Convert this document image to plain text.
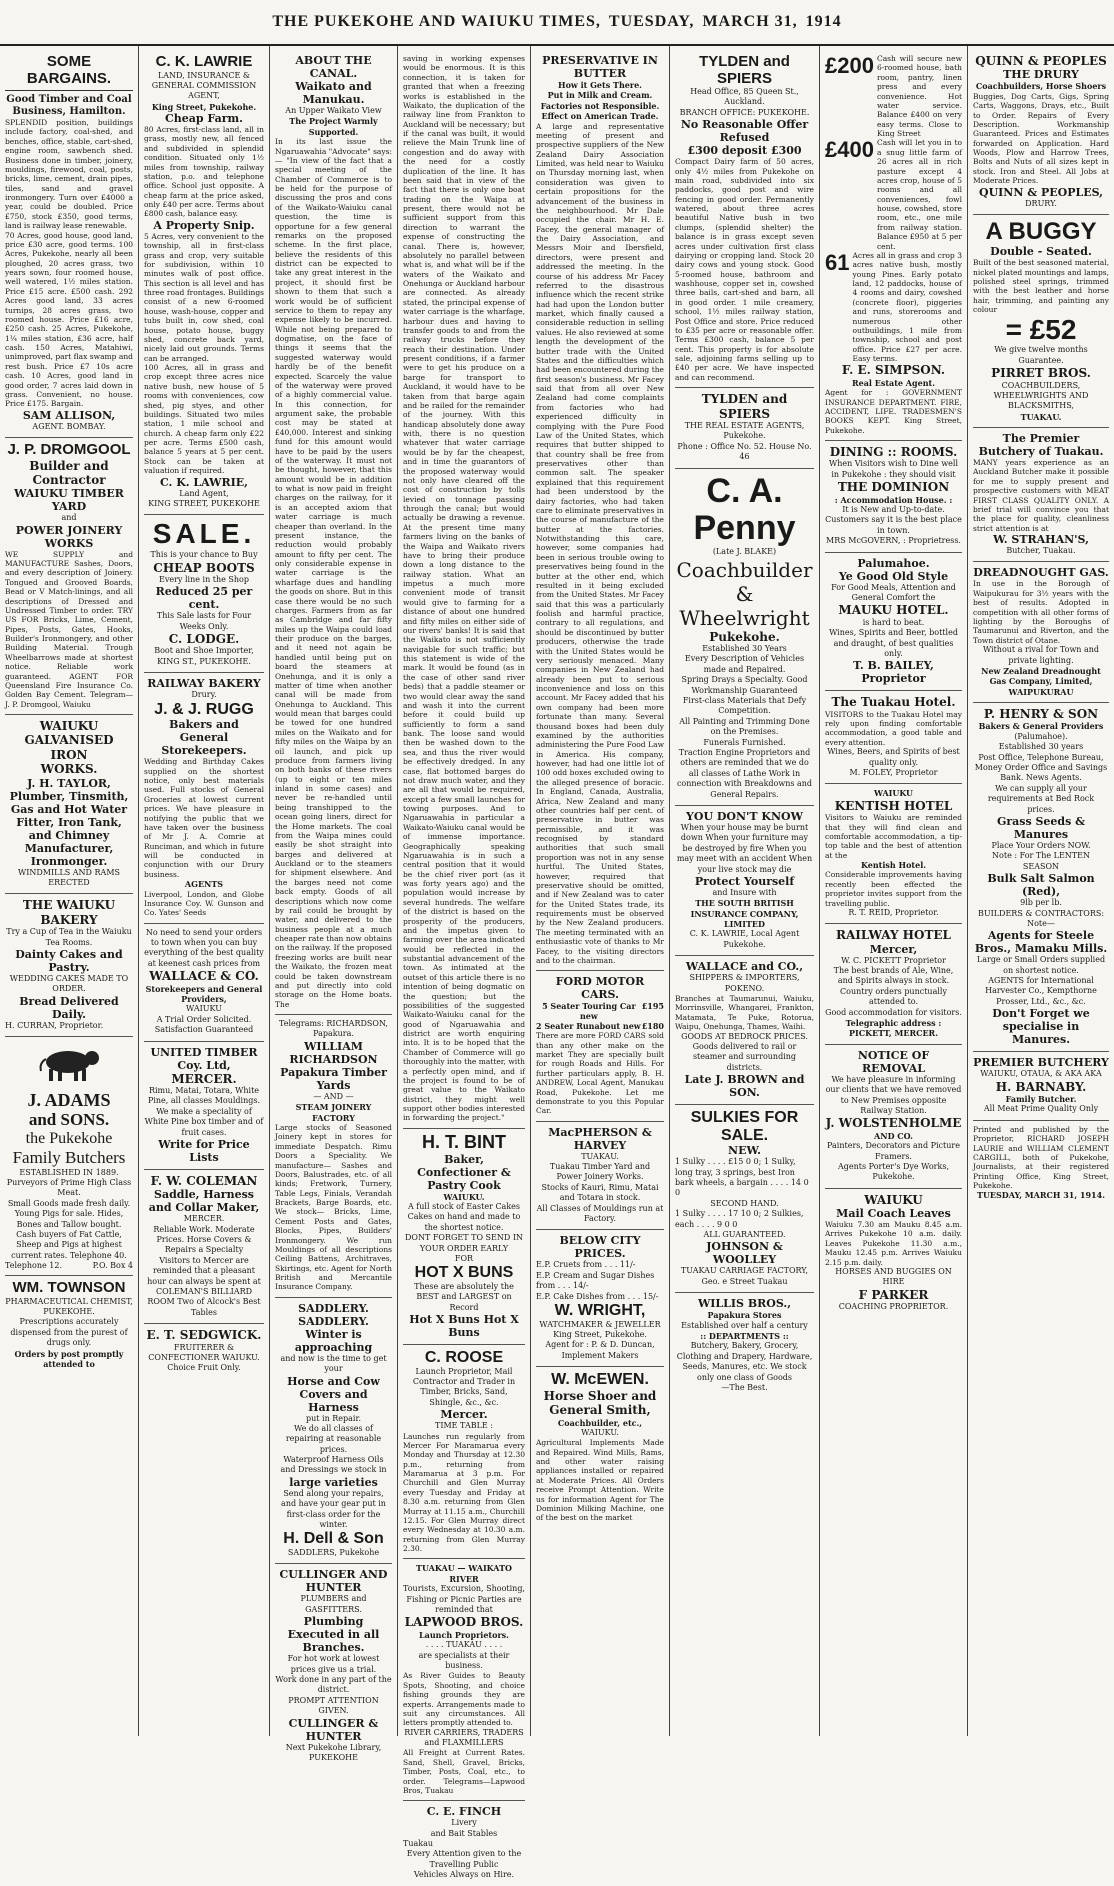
THE PUKEKOHE AND WAIUKU TIMES, TUESDAY, MARCH 31, 1914
SOME BARGAINS.
Good Timber and Coal Business, Hamilton.
SPLENDID position, buildings include factory, coal-shed, and benches, office, stable, cart-shed, engine room, sawbench shed. Business done in timber, joinery, mouldings, firewood, coal, posts, bricks, lime, cement, drain pipes, tiles, sand and gravel ironmongery. Turn over £4000 a year, could be doubled. Price £750, stock £350, good terms, land is railway lease renewable.
70 Acres, good house, good land, price £30 acre, good terms. 100 Acres, Pukekohe, nearly all been ploughed, 20 acres grass, two years sown, four roomed house, well watered, 1½ miles station. Price £15 acre. £500 cash. 292 Acres good land, 33 acres turnips, 28 acres grass, two roomed house. Price £16 acre, £250 cash. 25 Acres, Pukekohe, 1¼ miles station, £36 acre, half cash. 150 Acres, Matahiwi, unimproved, part flax swamp and rest bush. Price £7 10s acre cash. 10 Acres, good land in good order, 7 acres laid down in grass. Convenient, no house. Price £175. Bargain.
SAM ALLISON,
AGENT. BOMBAY.
J. P. DROMGOOL
Builder and Contractor
WAIUKU TIMBER YARD
and
POWER JOINERY WORKS
WE SUPPLY and MANUFACTURE Sashes, Doors, and every description of Joinery. Tongued and Grooved Boards, Bead or V Match-linings, and all descriptions of Dressed and Undressed Timber to order. TRY US FOR Bricks, Lime, Cement, Pipes, Posts, Gates, Hooks, Builder's Ironmongery, and other Building Material. Trough Wheelbarrows made at shortest notice. Reliable work guaranteed. AGENT FOR Queensland Fire Insurance Co. Golden Bay Cement. Telegram—J. P. Dromgool, Waiuku
WAIUKU
GALVANISED IRON
WORKS.
J. H. TAYLOR,
Plumber, Tinsmith, Gas and Hot Water Fitter, Iron Tank, and Chimney Manufacturer, Ironmonger.
WINDMILLS AND RAMS ERECTED
THE WAIUKU BAKERY
Try a Cup of Tea in the Waiuku Tea Rooms.
Dainty Cakes and Pastry.
WEDDING CAKES MADE TO ORDER.
Bread Delivered Daily.
H. CURRAN, Proprietor.
J. ADAMS
and SONS.
the Pukekohe
Family Butchers
ESTABLISHED IN 1889.
Purveyors of Prime High Class Meat.
Small Goods made fresh daily.
Young Pigs for sale. Hides, Bones and Tallow bought.
Cash buyers of Fat Cattle, Sheep and Pigs at highest current rates. Telephone 40.
Telephone 12.	P.O. Box 4
WM. TOWNSON
PHARMACEUTICAL CHEMIST, PUKEKOHE.
Prescriptions accurately dispensed from the purest of drugs only.
Orders by post promptly attended to
C. K. LAWRIE
LAND, INSURANCE & GENERAL COMMISSION AGENT,
King Street, Pukekohe.
Cheap Farm.
80 Acres, first-class land, all in grass, mostly new, all fenced and subdivided in splendid condition. Situated only 1½ miles from township, railway station, p.o. and telephone office. School just opposite. A cheap farm at the price asked, only £40 per acre. Terms about £800 cash, balance easy.
A Property Snip.
5 Acres, very convenient to the township, all in first-class grass and crop, very suitable for subdivision, within 10 minutes walk of post office. This section is all level and has three road frontages. Buildings consist of a new 6-roomed house, wash-house, copper and tubs built in, cow shed, coal house, potato house, buggy shed, concrete back yard, nicely laid out grounds. Terms can be arranged.
100 Acres, all in grass and crop except three acres nice native bush, new house of 5 rooms with conveniences, cow shed, pig styes, and other buildings. Situated two miles station, 1 mile school and church. A cheap farm only £22 per acre. Terms £500 cash, balance 5 years at 5 per cent. Stock can be taken at valuation if required.
C. K. LAWRIE,
Land Agent,
KING STREET, PUKEKOHE
SALE.
This is your chance to Buy
CHEAP BOOTS
Every line in the Shop
Reduced 25 per cent.
This Sale lasts for Four Weeks Only.
C. LODGE.
Boot and Shoe Importer, KING ST., PUKEKOHE.
RAILWAY BAKERY
Drury.
J. & J. RUGG
Bakers and General Storekeepers.
Wedding and Birthday Cakes supplied on the shortest notice, only best materials used. Full stocks of General Groceries at lowest current prices. We have pleasure in notifying the public that we have taken over the business of Mr J. A. Comrie at Runciman, and which in future will be conducted in conjunction with our Drury business.
AGENTS
Liverpool, London, and Globe Insurance Coy. W. Gunson and Co. Yates' Seeds
No need to send your orders to town when you can buy everything of the best quality at keenest cash prices from
WALLACE & CO.
Storekeepers and General Providers,
WAIUKU
A Trial Order Solicited. Satisfaction Guaranteed
UNITED TIMBER Coy. Ltd,
MERCER.
Rimu, Matai, Totara, White Pine, all classes Mouldings.
We make a speciality of White Pine box timber and of fruit cases.
Write for Price Lists
F. W. COLEMAN
Saddle, Harness and Collar Maker,
MERCER.
Reliable Work. Moderate Prices. Horse Covers & Repairs a Specialty
Visitors to Mercer are reminded that a pleasant hour can always be spent at COLEMAN'S BILLIARD ROOM Two of Alcock's Best Tables
E. T. SEDGWICK.
FRUITERER & CONFECTIONER WAIUKU.
Choice Fruit Only.
ABOUT THE CANAL.
Waikato and Manukau.
An Upper Waikato View
The Project Warmly Supported.
In its last issue the Ngaruawahia "Advocate" says:— "In view of the fact that a special meeting of the Chamber of Commerce is to be held for the purpose of discussing the pros and cons of the Waikato-Waiuku canal question, the time is opportune for a few general remarks on the proposed scheme. In the first place, believe the residents of this district can be expected to take any great interest in the project, it should first be shown to them that such a work would be of sufficient service to them to repay any expense likely to be incurred. While not being prepared to dogmatise, on the face of things it seems that the suggested waterway would hardly be of the benefit expected. Scarcely the value of the waterway were proved of a highly commercial value. In this connection, for argument sake, the probable cost may be stated at £40,000. Interest and sinking fund for this amount would have to be paid by the users of the waterway. It must not be thought, however, that this amount would be in addition to what is now paid in freight charges on the railway, for it is an accepted axiom that water carriage is much cheaper than overland. In the present instance, the reduction would probably amount to fifty per cent. The only considerable expense in water carriage is the wharfage dues and handling the goods on shore. But in this case there would be no such charges. Farmers from as far as Cambridge and far fifty miles up the Waipa could load their produce on the barges, and it need not again be handled until being put on board the steamers at Onehunga, and it is only a matter of time when another canal will be made from Onehunga to Auckland. This would mean that barges could be towed for one hundred miles on the Waikato and for fifty miles on the Waipa by an oil launch, and pick up produce from farmers living on both banks of these rivers (up to eight or ten miles inland in some cases) and never be re-handled until being transhipped to the ocean going liners, direct for the Home markets. The coal from the Waipa mines could easily be shot straight into barges and delivered at Auckland or to the steamers for shipment elsewhere. And the barges need not come back empty. Goods of all descriptions which now come by rail could be brought by water, and delivered to the business people at a much cheaper rate than now obtains on the railway. If the proposed freezing works are built near the Waikato, the frozen meat could be taken downstream and put directly into cold storage on the Home boats. The
Telegrams: RICHARDSON, Papakura.
WILLIAM RICHARDSON
Papakura Timber Yards
— AND —
STEAM JOINERY FACTORY
Large stocks of Seasoned Joinery kept in stores for immediate Despatch. Rimu Doors a Speciality. We manufacture— Sashes and Doors, Balustrades, etc. of all kinds; Fretwork, Turnery, Table Legs, Finials, Verandah Brackets, Barge Boards, etc. We stock— Bricks, Lime, Cement Posts and Gates, Blocks, Pipes, Builders' Ironmongery. We run Mouldings of all descriptions Ceiling Battens, Architraves, Skirtings, etc. Agent for North British and Mercantile Insurance Company.
SADDLERY. SADDLERY.
Winter is approaching
and now is the time to get your
Horse and Cow Covers and Harness
put in Repair.
We do all classes of repairing at reasonable prices.
Waterproof Harness Oils and Dressings we stock in
large varieties
Send along your repairs, and have your gear put in first-class order for the winter.
H. Dell & Son
SADDLERS, Pukekohe
CULLINGER AND HUNTER
PLUMBERS and GASFITTERS.
Plumbing Executed in all Branches.
For hot work at lowest prices give us a trial.
Work done in any part of the district.
PROMPT ATTENTION GIVEN.
CULLINGER & HUNTER
Next Pukekohe Library, PUKEKOHE
saving in working expenses would be enormous. It is this connection, it is taken for granted that when a freezing works is established in the Waikato, the duplication of the railway line from Frankton to Auckland will be necessary; but if the canal was built, it would relieve the Main Trunk line of congestion and do away with the need for a costly duplication of the line. It has been said that in view of the fact that there is only one boat trading on the Waipa at present, there would not be sufficient support from this direction to warrant the expense of constructing the canal. There is, however, absolutely no parallel between what is, and what will be if the waters of the Waikato and Onehunga or Auckland harbour are connected. As already stated, the principal expense of water carriage is the wharfage, harbour dues and having to transfer goods to and from the railway trucks before they reach their destination. Under present conditions, if a farmer were to get his produce on a barge for transport to Auckland, it would have to be taken from that barge again and be railed for the remainder of the journey. With this handicap absolutely done away with, there is no question whatever that water carriage would be by far the cheapest, and in time the guarantors of the proposed waterway would not only have cleared off the cost of construction by tolls levied on tonnage passing through the canal; but would actually be drawing a revenue. At the present time many farmers living on the banks of the Waipa and Waikato rivers have to bring their produce down a long distance to the railway station. What an impetus a much more convenient mode of transit would give to farming for a distance of about one hundred and fifty miles on either side of our rivers' banks! It is said that the Waikato is not sufficiently navigable for such traffic; but this statement is wide of the mark. It would be found (as in the case of other sand river beds) that a paddle steamer or two would clear away the sand and wash it into the current before it could build up sufficiently to form a sand bank. The loose sand would then be washed down to the sea, and thus the river would be effectively dredged. In any case, flat bottomed barges do not draw much water, and they are all that would be required, except a few small launches for towing purposes. And to Ngaruawahia in particular a Waikato-Waiuku canal would be of immense importance. Geographically speaking Ngaruawahia is in such a central position that it would be the chief river port (as it was forty years ago) and the population would increase by several hundreds. The welfare of the district is based on the prosperity of the producers, and the impetus given to farming over the area indicated would be reflected in the substantial advancement of the town. As intimated at the outset of this article there is no intention of being dogmatic on the question; but the possibilities of the suggested Waikato-Waiuku canal for the good of Ngaruawahia and district are worth enquiring into. It is to be hoped that the Chamber of Commerce will go thoroughly into the matter, with a perfectly open mind, and if the project is found to be of great value to the Waikato district, they might well support other bodies interested in forwarding the project."
H. T. BINT
Baker, Confectioner & Pastry Cook
WAIUKU.
A full stock of Easter Cakes Cakes on hand and made to the shortest notice.
DONT FORGET TO SEND IN YOUR ORDER EARLY
FOR
HOT X BUNS
These are absolutely the BEST and LARGEST on Record
Hot X Buns Hot X Buns
C. ROOSE
Launch Proprietor, Mail Contractor and Trader in Timber, Bricks, Sand, Shingle, &c., &c.
Mercer.
TIME TABLE :
Launches run regularly from Mercer For Maramarua every Monday and Thursday at 12.30 p.m., returning from Maramarua at 3 p.m. For Churchill and Glen Murray every Tuesday and Friday at 8.30 a.m. returning from Glen Murray at 11.15 a.m., Churchill 12.15. For Glen Murray direct every Wednesday at 10.30 a.m. returning from Glen Murray 2.30.
TUAKAU — WAIKATO RIVER
Tourists, Excursion, Shooting, Fishing or Picnic Parties are reminded that
LAPWOOD BROS.
Launch Proprietors.
. . . . TUAKAU . . . .
are specialists at their business.
As River Guides to Beauty Spots, Shooting, and choice fishing grounds they are experts. Arrangements made to suit any circumstances. All letters promptly attended to.
RIVER CARRIERS, TRADERS and FLAXMILLERS
All Freight at Current Rates. Sand, Shell, Gravel, Bricks, Timber, Posts, Coal, etc., to order. Telegrams—Lapwood Bros, Tuakau
C. E. FINCH
Livery
and Bait Stables
Tuakau
Every Attention given to the Travelling Public
Vehicles Always on Hire.
PRESERVATIVE IN BUTTER
How it Gets There.
Put in Milk and Cream.
Factories not Responsible.
Effect on American Trade.
A large and representative meeting of present and prospective suppliers of the New Zealand Dairy Association Limited, was held near to Waiuku on Thursday morning last, when consideration was given to certain propositions for the advancement of the business in the neighbourhood. Mr Dale occupied the chair. Mr H. E. Facey, the general manager of the Dairy Association, and Messrs Moir and Ibersfield, directors, were present and addressed the meeting. In the course of his address Mr Facey referred to the disastrous influence which the recent strike had had upon the London butter market, which finally caused a considerable reduction in selling values. He also reviewed at some length the development of the butter trade with the United States and the difficulties which had been encountered during the first season's business. Mr Facey said that from all over New Zealand had come complaints from factories who had experienced difficulty in complying with the Pure Food Law of the United States, which requires that butter shipped to that country shall be free from preservatives other than common salt. The speaker explained that this requirement had been understood by the dairy factories, who had taken care to eliminate preservatives in the course of manufacture of the butter at the factories. Notwithstanding this care, however, some companies had been in serious trouble owing to preservatives being found in the butter at the other end, which resulted in it being excluded from the United States. Mr Facey said that this was a particularly foolish and harmful practice, contrary to all regulations, and should be discontinued by butter producers, otherwise the trade with the United States would be very seriously menaced. Many companies in New Zealand had already been put to serious inconvenience and loss on this account. Mr Facey added that his own company had been more fortunate than many. Several thousand boxes had been duly examined by the authorities administering the Pure Food Law in America. His company, however, had had one little lot of 100 odd boxes excluded owing to the alleged presence of boracic. In England, Canada, Australia, Africa, New Zealand and many other countries half per cent. of preservative in butter was permissible, and it was recognised by standard authorities that such small proportion was not in any sense hurtful. The United States, however, required that preservative should be omitted, and if New Zealand was to cater for the United States trade, its requirements must be observed by the New Zealand producers. The meeting terminated with an enthusiastic vote of thanks to Mr Facey, to the visiting directors and to the chairman.
FORD MOTOR CARS.
5 Seater Touring Car new
£195
2 Seater Runabout new £180
There are more FORD CARS sold than any other make on the market They are specially built for rough Roads and Hills. For further particulars apply, B. H. ANDREW, Local Agent, Manukau Road, Pukekohe. Let me demonstrate to you this Popular Car.
MacPHERSON & HARVEY
TUAKAU.
Tuakau Timber Yard and Power Joinery Works.
Stocks of Kauri, Rimu, Matai and Totara in stock.
All Classes of Mouldings run at Factory.
BELOW CITY PRICES.
E.P. Cruets from . . . 11/-
E.P. Cream and Sugar Dishes from . . . 14/-
E.P. Cake Dishes from . . . 15/-
W. WRIGHT,
WATCHMAKER & JEWELLER
King Street, Pukekohe.
Agent for : P. & D. Duncan, Implement Makers
W. McEWEN.
Horse Shoer and General Smith,
Coachbuilder, etc.,
WAIUKU.
Agricultural Implements Made and Repaired. Wind Mills, Rams, and other water raising appliances installed or repaired at Moderate Prices. All Orders receive Prompt Attention. Write us for information Agent for The Dominion Milking Machine, one of the best on the market
TYLDEN and SPIERS
Head Office, 85 Queen St., Auckland.
BRANCH OFFICE: PUKEKOHE.
No Reasonable Offer Refused
£300 deposit £300
Compact Dairy farm of 50 acres, only 4½ miles from Pukekohe on main road, subdivided into six paddocks, good post and wire fencing in good order. Permanently watered, about three acres beautiful Native bush in two clumps, (splendid shelter) the balance is in grass except seven acres under cultivation first class dairying or cropping land. Stock 20 dairy cows and young stock. Good 5-roomed house, bathroom and washhouse, copper set in, cowshed three bails, cart-shed and barn, all in good order. 1 mile creamery, school, 1½ miles railway station, Post Office and store. Price reduced to £35 per acre or reasonable offer. Terms £300 cash, balance 5 per cent. This property is for absolute sale, adjoining farms selling up to £40 per acre. We have inspected and can recommend.
TYLDEN and SPIERS
THE REAL ESTATE AGENTS, Pukekohe.
Phone : Office No. 52. House No. 46
C. A. Penny
(Late J. BLAKE)
Coachbuilder
& Wheelwright
Pukekohe.
Established 30 Years
Every Description of Vehicles made and Repaired.
Spring Drays a Specialty. Good Workmanship Guaranteed
First-class Materials that Defy Competition.
All Painting and Trimming Done on the Premises.
Funerals Furnished.
Traction Engine Proprietors and others are reminded that we do all classes of Lathe Work in connection with Breakdowns and General Repairs.
YOU DON'T KNOW
When your house may be burnt down When your furniture may be destroyed by fire When you may meet with an accident When your live stock may die
Protect Yourself
and Insure with
THE SOUTH BRITISH INSURANCE COMPANY, LIMITED
C. K. LAWRIE, Local Agent Pukekohe.
WALLACE and CO.,
SHIPPERS & IMPORTERS, POKENO.
Branches at Taumarunui, Waiuku, Morrinsville, Whangarei, Frankton, Matamata, Te Puke, Rotorua, Waipu, Onehunga, Thames, Waihi.
GOODS AT BEDROCK PRICES.
Goods delivered to rail or steamer and surrounding districts.
Late J. BROWN and SON.
SULKIES FOR SALE.
NEW.
1 Sulky . . . . £15 0 0; 1 Sulky, long tray, 3 springs, best Iron bark wheels, a bargain . . . . 14 0 0
SECOND HAND.
1 Sulky . . . . 17 10 0; 2 Sulkies, each . . . . 9 0 0
ALL GUARANTEED.
JOHNSON & WOOLLEY
TUAKAU CARRIAGE FACTORY, Geo. e Street Tuakau
WILLIS BROS.,
Papakura Stores
Established over half a century
:: DEPARTMENTS ::
Butchery, Bakery, Grocery, Clothing and Drapery, Hardware, Seeds, Manures, etc. We stock only one class of Goods
—The Best.
£200 Cash will secure new 6-roomed house, bath room, pantry, linen press and every convenience. Hot water service. Balance £400 on very easy terms. Close to King Street
£400 Cash will let you in to a snug little farm of 26 acres all in rich pasture except 4 acres crop, house of 5 rooms and all conveniences, fowl house, cowshed, store room, etc., one mile from railway station. Balance £950 at 5 per cent.
61 Acres all in grass and crop 3 acres native bush, mostly young Pines. Early potato land, 12 paddocks, house of 4 rooms and dairy, cowshed (concrete floor), piggeries and runs, storerooms and numerous other outbuildings, 1 mile from township, school and post office. Price £27 per acre. Easy terms.
F. E. SIMPSON.
Real Estate Agent.
Agent for : GOVERNMENT INSURANCE DEPARTMENT. FIRE, ACCIDENT, LIFE. TRADESMEN'S BOOKS KEPT. King Street, Pukekohe.
DINING :: ROOMS.
When Visitors wish to Dine well in Pukekohe : they should visit
THE DOMINION
: Accommodation House. :
It is New and Up-to-date. Customers say it is the best place in town.
MRS McGOVERN, : Proprietress.
Palumahoe.
Ye Good Old Style
For Good Meals, Attention and General Comfort the
MAUKU HOTEL.
is hard to beat.
Wines, Spirits and Beer, bottled and draught, of best qualities only.
T. B. BAILEY, Proprietor
The Tuakau Hotel.
VISITORS to the Tuakau Hotel may rely upon finding comfortable accommodation, a good table and every attention.
Wines, Beers, and Spirits of best quality only.
M. FOLEY, Proprietor
WAIUKU
KENTISH HOTEL
Visitors to Waiuku are reminded that they will find clean and comfortable accommodation, a tip-top table and the best of attention at the
Kentish Hotel.
Considerable improvements having recently been effected the proprietor invites support from the travelling public.
R. T. REID, Proprietor.
RAILWAY HOTEL
Mercer,
W. C. PICKETT Proprietor
The best brands of Ale, Wine, and Spirits always in stock.
Country orders punctually attended to.
Good accommodation for visitors.
Telegraphic address : PICKETT, MERCER.
NOTICE OF REMOVAL
We have pleasure in informing our clients that we have removed to New Premises opposite Railway Station.
J. WOLSTENHOLME
AND CO.
Painters, Decorators and Picture Framers.
Agents Porter's Dye Works, Pukekohe.
WAIUKU
Mail Coach Leaves
Waiuku 7.30 am Mauku 8.45 a.m. Arrives Pukekohe 10 a.m. daily. Leaves Pukekohe 11.30 a.m., Mauku 12.45 p.m. Arrives Waiuku 2.15 p.m. daily.
HORSES AND BUGGIES ON HIRE
F PARKER
COACHING PROPRIETOR.
QUINN & PEOPLES
THE DRURY
Coachbuilders, Horse Shoers
Buggies, Dog Carts, Gigs, Spring Carts, Waggons, Drays, etc., Built to Order. Repairs of Every Description. Workmanship Guaranteed. Prices and Estimates forwarded on Application. Hard Woods, Plow and Harrow Trees, Bolts and Nuts of all sizes kept in stock. Iron and Steel. All Jobs at Moderate Prices.
QUINN & PEOPLES,
DRURY.
A BUGGY
Double - Seated.
Built of the best seasoned material, nickel plated mountings and lamps, polished steel springs, trimmed with the best leather and horse hair, trimming, and painting any colour
= £52
We give twelve months Guarantee.
PIRRET BROS.
COACHBUILDERS, WHEELWRIGHTS AND BLACKSMITHS,
TUAKAU.
The Premier Butchery of Tuakau.
MANY years experience as an Auckland Butcher make it possible for me to supply present and prospective customers with MEAT FIRST CLASS QUALITY ONLY. A brief trial will convince you that the place for quality, cleanliness strict attention is at
W. STRAHAN'S,
Butcher, Tuakau.
DREADNOUGHT GAS.
In use in the Borough of Waipukurau for 3½ years with the best of results. Adopted in competition with all other forms of lighting by the Boroughs of Taumarunui and Riverton, and the Town district of Otane.
Without a rival for Town and private lighting.
New Zealand Dreadnought Gas Company, Limited,
WAIPUKURAU
P. HENRY & SON
Bakers & General Providers
(Palumahoe).
Established 30 years
Post Office, Telephone Bureau, Money Order Office and Savings Bank. News Agents.
We can supply all your requirements at Bed Rock prices.
Grass Seeds & Manures
Place Your Orders NOW.
Note : For The LENTEN SEASON
Bulk Salt Salmon (Red),
9lb per lb.
BUILDERS & CONTRACTORS:
Note—
Agents for Steele Bros., Mamaku Mills.
Large or Small Orders supplied on shortest notice.
AGENTS for International Harvester Co., Kempthorne Prosser, Ltd., &c., &c.
Don't Forget we specialise in Manures.
PREMIER BUTCHERY
WAIUKU, OTAUA, & AKA AKA
H. BARNABY.
Family Butcher.
All Meat Prime Quality Only
Printed and published by the Proprietor, RICHARD JOSEPH LAURIE and WILLIAM CLEMENT CARGILL, both of Pukekohe, Journalists, at their registered Printing Office, King Street, Pukekohe.
TUESDAY, MARCH 31, 1914.
